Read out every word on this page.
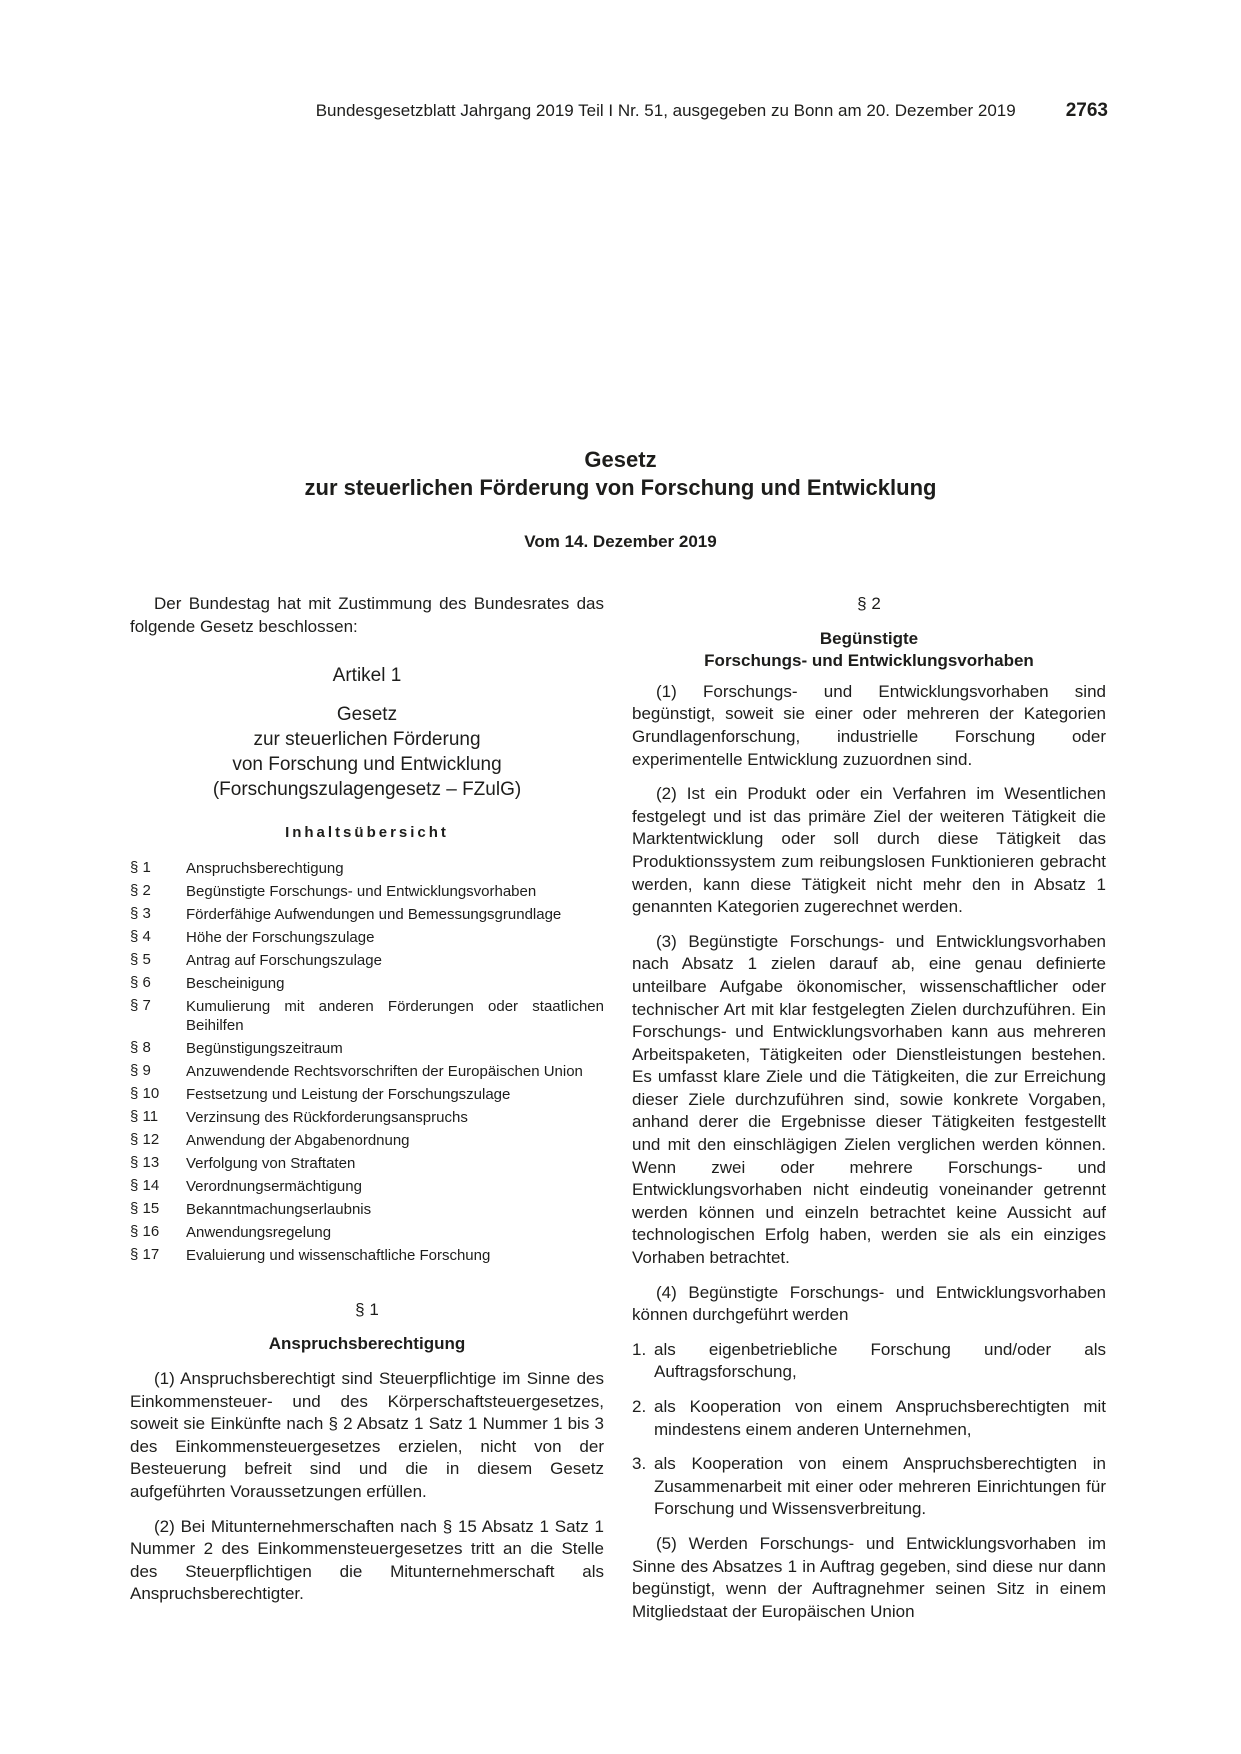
Bundesgesetzblatt Jahrgang 2019 Teil I Nr. 51, ausgegeben zu Bonn am 20. Dezember 2019	2763
Gesetz
zur steuerlichen Förderung von Forschung und Entwicklung
Vom 14. Dezember 2019

Der Bundestag hat mit Zustimmung des Bundesrates das folgende Gesetz beschlossen:

Artikel 1
Gesetz
zur steuerlichen Förderung
von Forschung und Entwicklung
(Forschungszulagengesetz – FZulG)
Inhaltsübersicht
§ 1	Anspruchsberechtigung
§ 2	Begünstigte Forschungs- und Entwicklungsvorhaben
§ 3	Förderfähige Aufwendungen und Bemessungsgrundlage
§ 4	Höhe der Forschungszulage
§ 5	Antrag auf Forschungszulage
§ 6	Bescheinigung
§ 7	Kumulierung mit anderen Förderungen oder staatlichen Beihilfen
§ 8	Begünstigungszeitraum
§ 9	Anzuwendende Rechtsvorschriften der Europäischen Union
§ 10	Festsetzung und Leistung der Forschungszulage
§ 11	Verzinsung des Rückforderungsanspruchs
§ 12	Anwendung der Abgabenordnung
§ 13	Verfolgung von Straftaten
§ 14	Verordnungsermächtigung
§ 15	Bekanntmachungserlaubnis
§ 16	Anwendungsregelung
§ 17	Evaluierung und wissenschaftliche Forschung
§ 1
Anspruchsberechtigung

(1) Anspruchsberechtigt sind Steuerpflichtige im Sinne des Einkommensteuer- und des Körperschaftsteuergesetzes, soweit sie Einkünfte nach § 2 Absatz 1 Satz 1 Nummer 1 bis 3 des Einkommensteuergesetzes erzielen, nicht von der Besteuerung befreit sind und die in diesem Gesetz aufgeführten Voraussetzungen erfüllen.

(2) Bei Mitunternehmerschaften nach § 15 Absatz 1 Satz 1 Nummer 2 des Einkommensteuergesetzes tritt an die Stelle des Steuerpflichtigen die Mitunternehmerschaft als Anspruchsberechtigter.

§ 2
Begünstigte
Forschungs- und Entwicklungsvorhaben

(1) Forschungs- und Entwicklungsvorhaben sind begünstigt, soweit sie einer oder mehreren der Kategorien Grundlagenforschung, industrielle Forschung oder experimentelle Entwicklung zuzuordnen sind.

(2) Ist ein Produkt oder ein Verfahren im Wesentlichen festgelegt und ist das primäre Ziel der weiteren Tätigkeit die Marktentwicklung oder soll durch diese Tätigkeit das Produktionssystem zum reibungslosen Funktionieren gebracht werden, kann diese Tätigkeit nicht mehr den in Absatz 1 genannten Kategorien zugerechnet werden.

(3) Begünstigte Forschungs- und Entwicklungsvorhaben nach Absatz 1 zielen darauf ab, eine genau definierte unteilbare Aufgabe ökonomischer, wissenschaftlicher oder technischer Art mit klar festgelegten Zielen durchzuführen. Ein Forschungs- und Entwicklungsvorhaben kann aus mehreren Arbeitspaketen, Tätigkeiten oder Dienstleistungen bestehen. Es umfasst klare Ziele und die Tätigkeiten, die zur Erreichung dieser Ziele durchzuführen sind, sowie konkrete Vorgaben, anhand derer die Ergebnisse dieser Tätigkeiten festgestellt und mit den einschlägigen Zielen verglichen werden können. Wenn zwei oder mehrere Forschungs- und Entwicklungsvorhaben nicht eindeutig voneinander getrennt werden können und einzeln betrachtet keine Aussicht auf technologischen Erfolg haben, werden sie als ein einziges Vorhaben betrachtet.

(4) Begünstigte Forschungs- und Entwicklungsvorhaben können durchgeführt werden

1. als eigenbetriebliche Forschung und/oder als Auftragsforschung,
2. als Kooperation von einem Anspruchsberechtigten mit mindestens einem anderen Unternehmen,
3. als Kooperation von einem Anspruchsberechtigten in Zusammenarbeit mit einer oder mehreren Einrichtungen für Forschung und Wissensverbreitung.

(5) Werden Forschungs- und Entwicklungsvorhaben im Sinne des Absatzes 1 in Auftrag gegeben, sind diese nur dann begünstigt, wenn der Auftragnehmer seinen Sitz in einem Mitgliedstaat der Europäischen Union
